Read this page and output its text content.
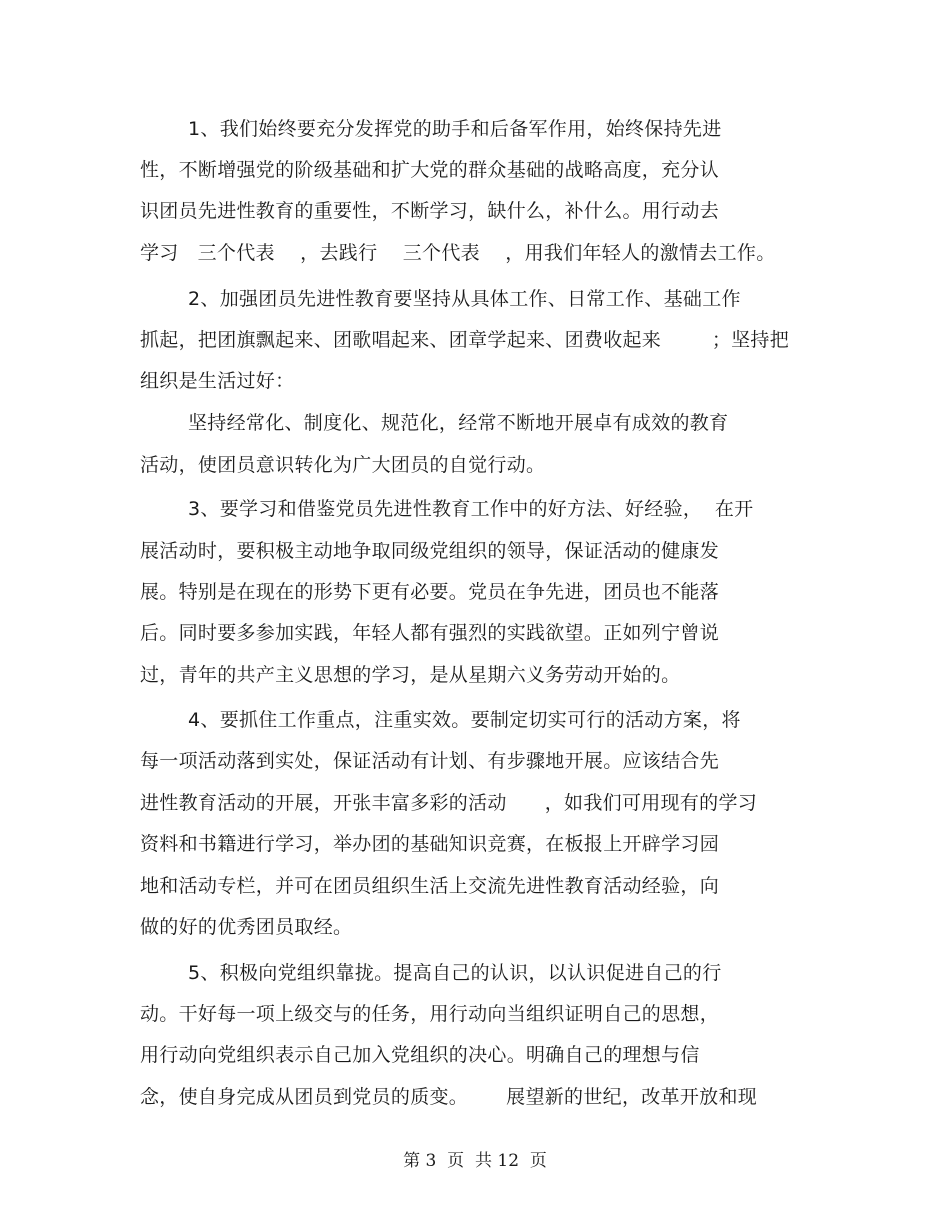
1、我们始终要充分发挥党的助手和后备军作用，始终保持先进
性，不断增强党的阶级基础和扩大党的群众基础的战略高度，充分认
识团员先进性教育的重要性，不断学习，缺什么，补什么。用行动去
学习   三个代表    ，去践行    三个代表    ，用我们年轻人的激情去工作。
2、加强团员先进性教育要坚持从具体工作、日常工作、基础工作
抓起，把团旗飘起来、团歌唱起来、团章学起来、团费收起来        ；坚持把
组织是生活过好：
坚持经常化、制度化、规范化，经常不断地开展卓有成效的教育
活动，使团员意识转化为广大团员的自觉行动。
3、要学习和借鉴党员先进性教育工作中的好方法、好经验，  在开
展活动时，要积极主动地争取同级党组织的领导，保证活动的健康发
展。特别是在现在的形势下更有必要。党员在争先进，团员也不能落
后。同时要多参加实践，年轻人都有强烈的实践欲望。正如列宁曾说
过，青年的共产主义思想的学习，是从星期六义务劳动开始的。
4、要抓住工作重点，注重实效。要制定切实可行的活动方案，将
每一项活动落到实处，保证活动有计划、有步骤地开展。应该结合先
进性教育活动的开展，开张丰富多彩的活动      ，如我们可用现有的学习
资料和书籍进行学习，举办团的基础知识竞赛，在板报上开辟学习园
地和活动专栏，并可在团员组织生活上交流先进性教育活动经验，向
做的好的优秀团员取经。
5、积极向党组织靠拢。提高自己的认识，以认识促进自己的行
动。干好每一项上级交与的任务，用行动向当组织证明自己的思想，
用行动向党组织表示自己加入党组织的决心。明确自己的理想与信
念，使自身完成从团员到党员的质变。      展望新的世纪，改革开放和现
第 3  页  共 12  页
